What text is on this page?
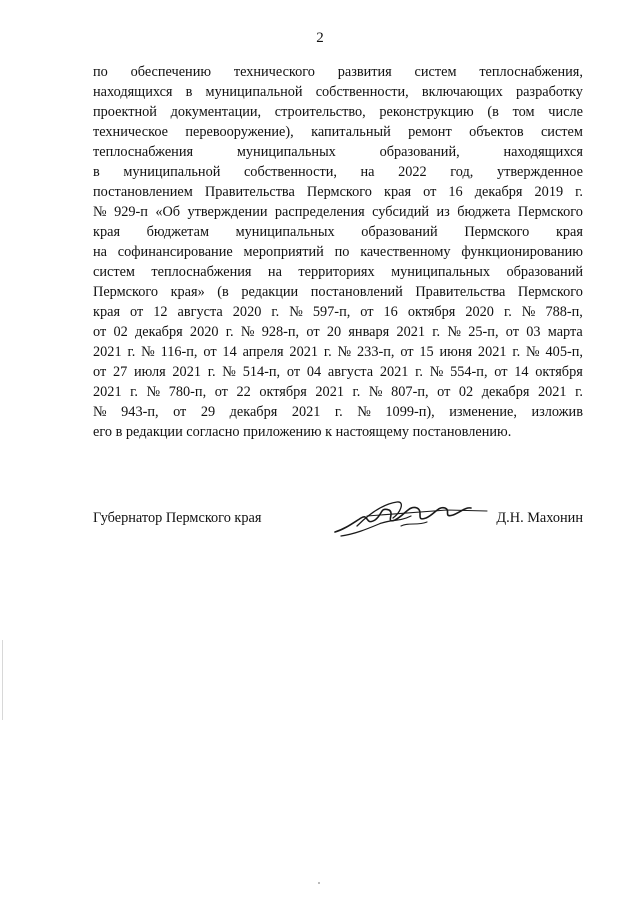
2
по обеспечению технического развития систем теплоснабжения,
находящихся в муниципальной собственности, включающих разработку
проектной документации, строительство, реконструкцию (в том числе
техническое перевооружение), капитальный ремонт объектов систем
теплоснабжения	муниципальных	образований,	находящихся
в муниципальной собственности, на 2022 год, утвержденное
постановлением Правительства Пермского края от 16 декабря 2019 г.
№ 929-п «Об утверждении распределения субсидий из бюджета Пермского
края бюджетам муниципальных образований Пермского края
на софинансирование мероприятий по качественному функционированию
систем теплоснабжения на территориях муниципальных образований
Пермского края» (в редакции постановлений Правительства Пермского
края от 12 августа 2020 г. № 597-п, от 16 октября 2020 г. № 788-п,
от 02 декабря 2020 г. № 928-п, от 20 января 2021 г. № 25-п, от 03 марта
2021 г. № 116-п, от 14 апреля 2021 г. № 233-п, от 15 июня 2021 г. № 405-п,
от 27 июля 2021 г. № 514-п, от 04 августа 2021 г. № 554-п, от 14 октября
2021 г. № 780-п, от 22 октября 2021 г. № 807-п, от 02 декабря 2021 г.
№ 943-п, от 29 декабря 2021 г. № 1099-п), изменение, изложив
его в редакции согласно приложению к настоящему постановлению.
Губернатор Пермского края	Д.Н. Махонин
